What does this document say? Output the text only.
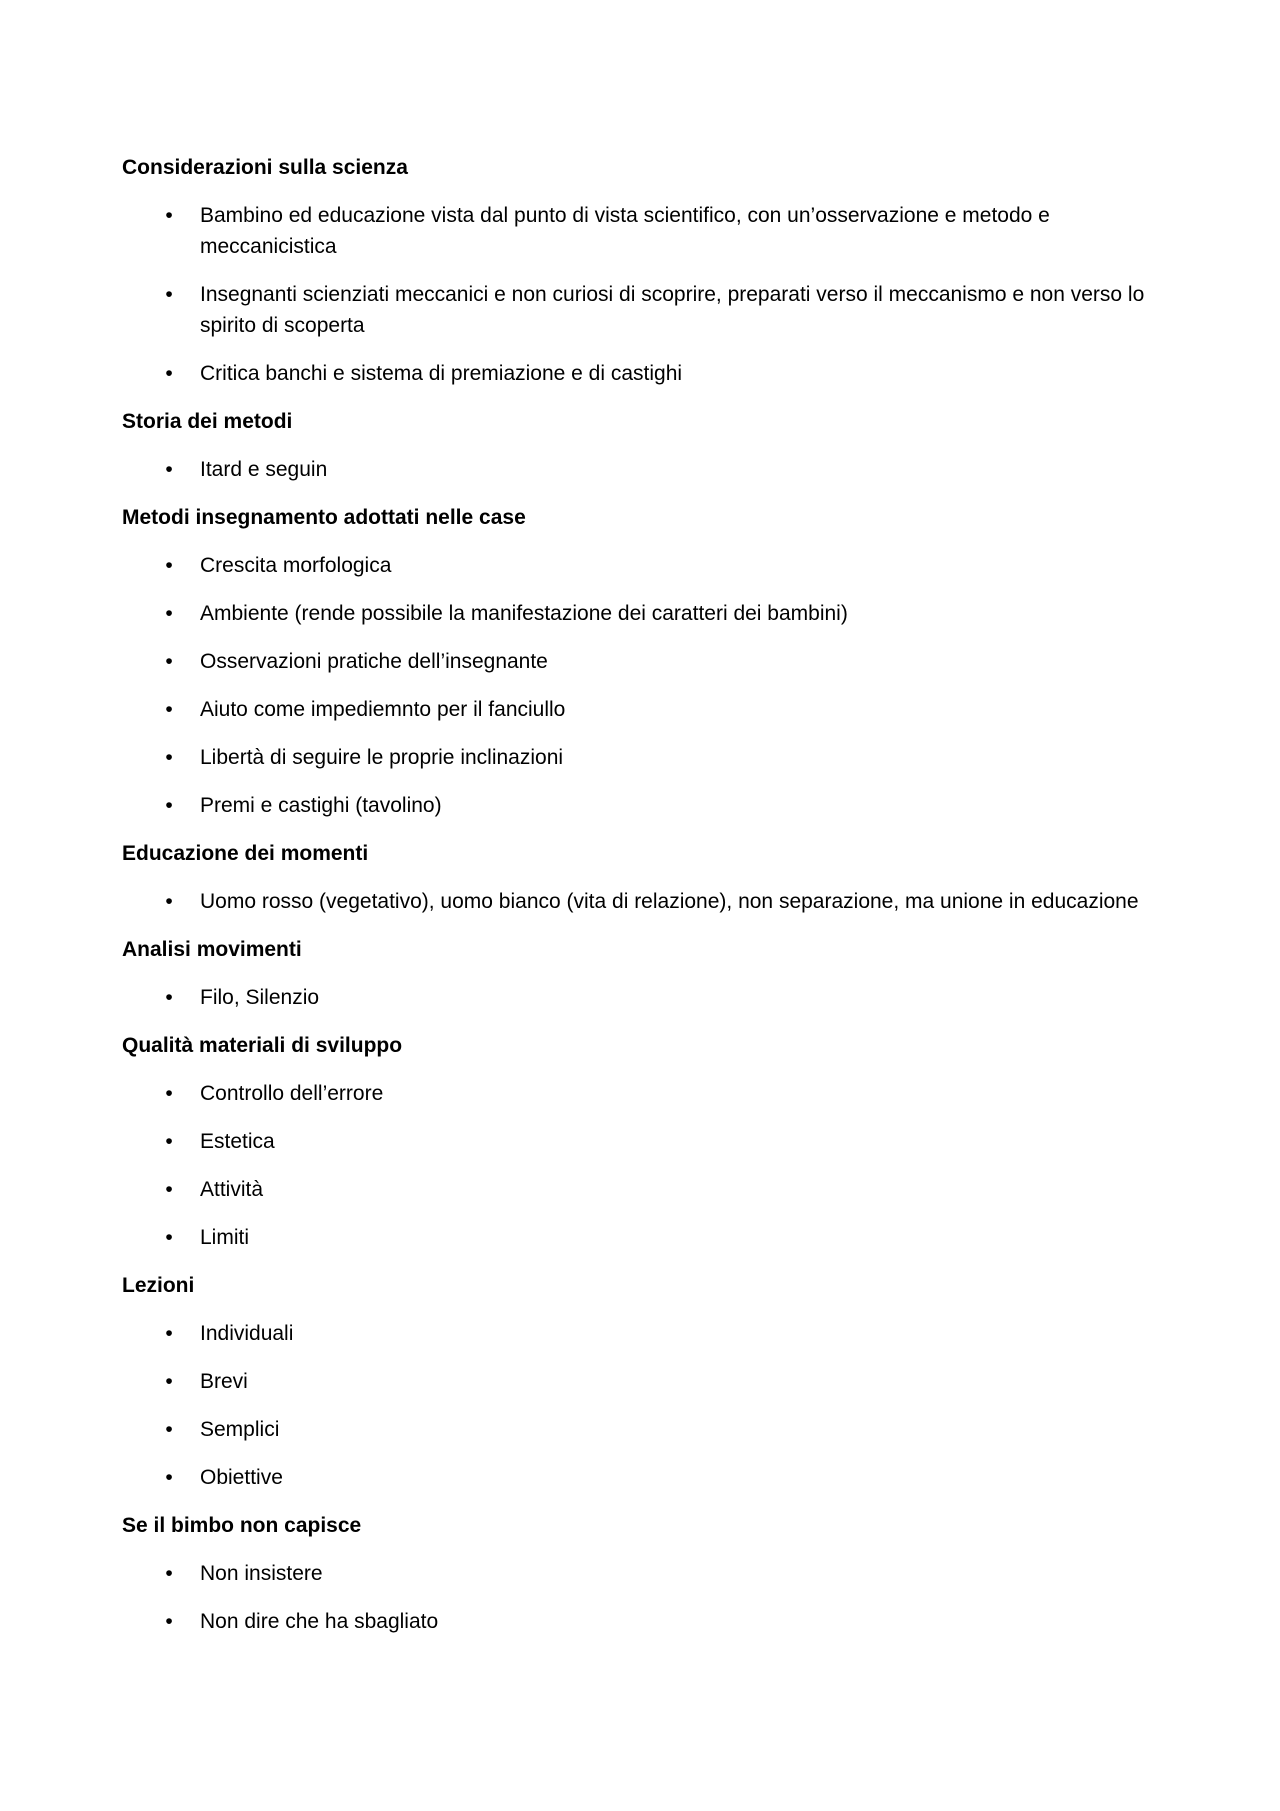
Considerazioni sulla scienza
•	Bambino ed educazione vista dal punto di vista scientifico, con un’osservazione e metodo e meccanicistica
•	Insegnanti scienziati meccanici e non curiosi di scoprire, preparati verso il meccanismo e non verso lo spirito di scoperta
•	Critica banchi e sistema di premiazione e di castighi
Storia dei metodi
•	Itard e seguin
Metodi insegnamento adottati nelle case
•	Crescita morfologica
•	Ambiente (rende possibile la manifestazione dei caratteri dei bambini)
•	Osservazioni pratiche dell’insegnante
•	Aiuto come impediemnto per il fanciullo
•	Libertà di seguire le proprie inclinazioni
•	Premi e castighi (tavolino)
Educazione dei momenti
•	Uomo rosso (vegetativo), uomo bianco (vita di relazione), non separazione, ma unione in educazione
Analisi movimenti
•	Filo, Silenzio
Qualità materiali di sviluppo
•	Controllo dell’errore
•	Estetica
•	Attività
•	Limiti
Lezioni
•	Individuali
•	Brevi
•	Semplici
•	Obiettive
Se il bimbo non capisce
•	Non insistere
•	Non dire che ha sbagliato
